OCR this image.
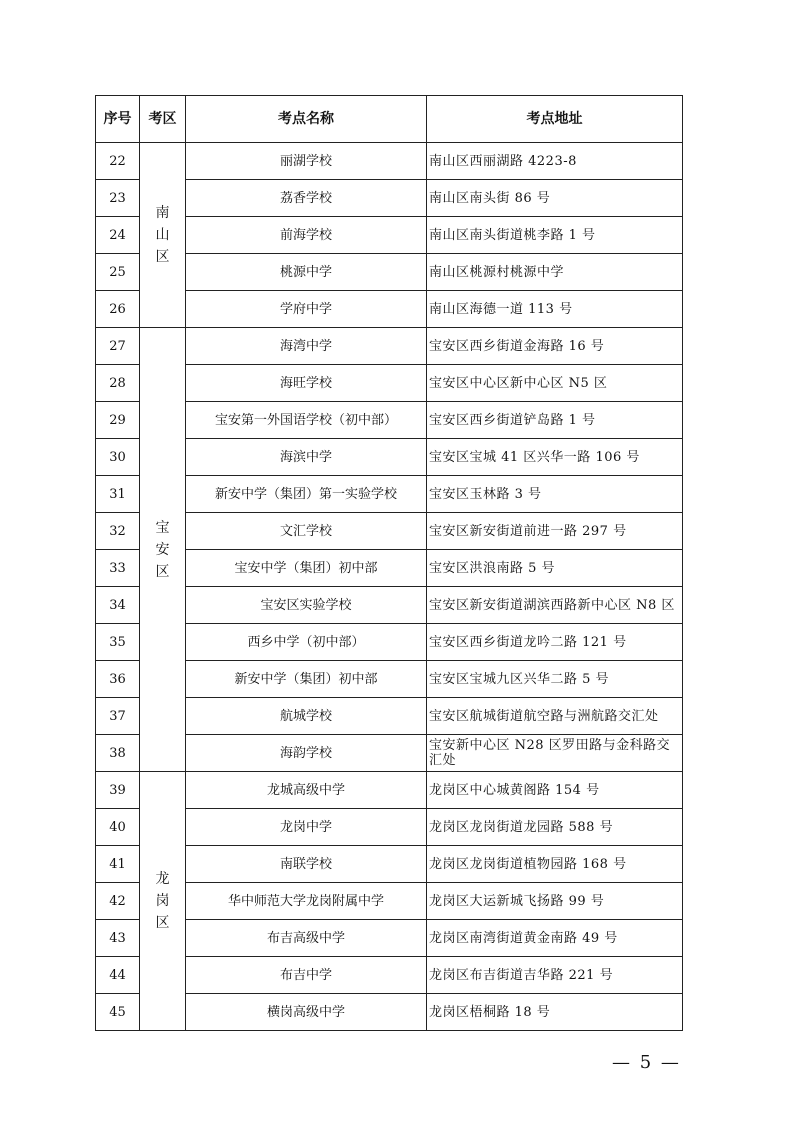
序号	考区	考点名称	考点地址
22	南山区	丽湖学校	南山区西丽湖路 4223-8
23		荔香学校	南山区南头街 86 号
24		前海学校	南山区南头街道桃李路 1 号
25		桃源中学	南山区桃源村桃源中学
26		学府中学	南山区海德一道 113 号
27	宝安区	海湾中学	宝安区西乡街道金海路 16 号
28		海旺学校	宝安区中心区新中心区 N5 区
29		宝安第一外国语学校（初中部）	宝安区西乡街道铲岛路 1 号
30		海滨中学	宝安区宝城 41 区兴华一路 106 号
31		新安中学（集团）第一实验学校	宝安区玉林路 3 号
32		文汇学校	宝安区新安街道前进一路 297 号
33		宝安中学（集团）初中部	宝安区洪浪南路 5 号
34		宝安区实验学校	宝安区新安街道湖滨西路新中心区 N8 区
35		西乡中学（初中部）	宝安区西乡街道龙吟二路 121 号
36		新安中学（集团）初中部	宝安区宝城九区兴华二路 5 号
37		航城学校	宝安区航城街道航空路与洲航路交汇处
38		海韵学校	宝安新中心区 N28 区罗田路与金科路交汇处
39	龙岗区	龙城高级中学	龙岗区中心城黄阁路 154 号
40		龙岗中学	龙岗区龙岗街道龙园路 588 号
41		南联学校	龙岗区龙岗街道植物园路 168 号
42		华中师范大学龙岗附属中学	龙岗区大运新城飞扬路 99 号
43		布吉高级中学	龙岗区南湾街道黄金南路 49 号
44		布吉中学	龙岗区布吉街道吉华路 221 号
45		横岗高级中学	龙岗区梧桐路 18 号
— 5 —
